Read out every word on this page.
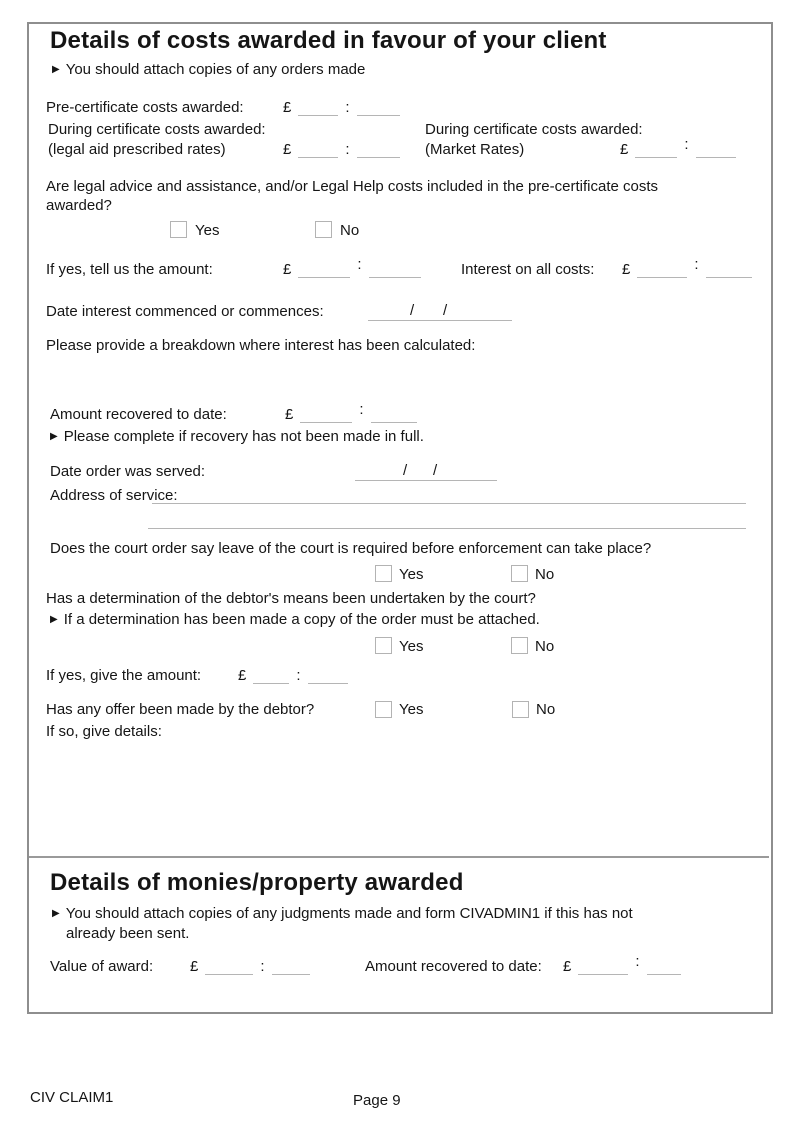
Details of costs awarded in favour of your client
▶ You should attach copies of any orders made
Pre-certificate costs awarded:	£	:
During certificate costs awarded:
(legal aid prescribed rates)	£	:
During certificate costs awarded:
(Market Rates)	£	:
Are legal advice and assistance, and/or Legal Help costs included in the pre-certificate costs
awarded?
Yes	No
If yes, tell us the amount:	£	:	Interest on all costs: £	:
Date interest commenced or commences:	/ /
Please provide a breakdown where interest has been calculated:
Amount recovered to date:	£	:
▶ Please complete if recovery has not been made in full.
Date order was served:	/ /
Address of service:
Does the court order say leave of the court is required before enforcement can take place?
Yes	No
Has a determination of the debtor's means been undertaken by the court?
▶ If a determination has been made a copy of the order must be attached.
Yes	No
If yes, give the amount: £	:
Has any offer been made by the debtor?	Yes	No
If so, give details:
Details of monies/property awarded
▶ You should attach copies of any judgments made and form CIVADMIN1 if this has not
already been sent.
Value of award: £	:	Amount recovered to date: £	:
CIV CLAIM1	Page 9
